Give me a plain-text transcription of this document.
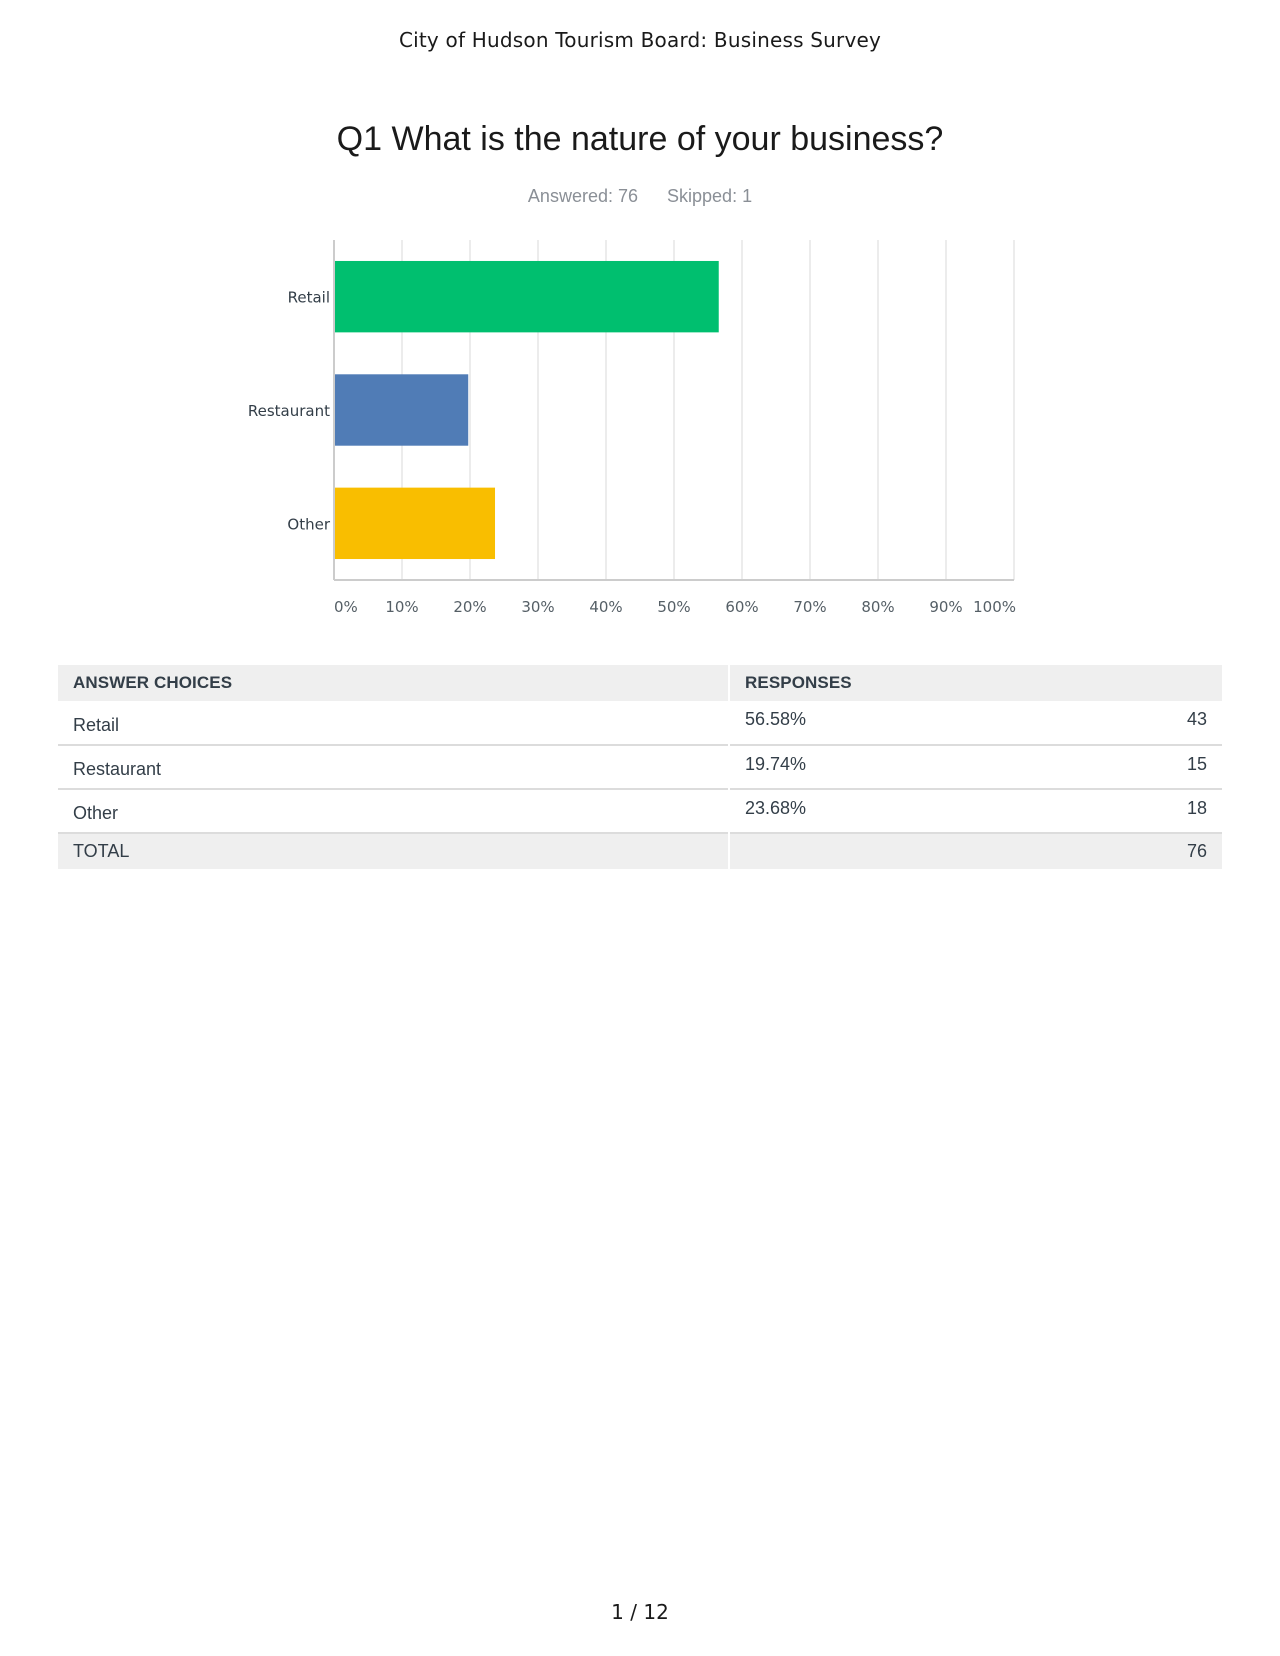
City of Hudson Tourism Board: Business Survey
Q1 What is the nature of your business?
Answered: 76 Skipped: 1
Retail
Restaurant
Other
0% 10% 20% 30% 40% 50% 60% 70% 80% 90% 100%
ANSWER CHOICES	RESPONSES	
Retail	56.58%	43
Restaurant	19.74%	15
Other	23.68%	18
TOTAL		76
1 / 12
